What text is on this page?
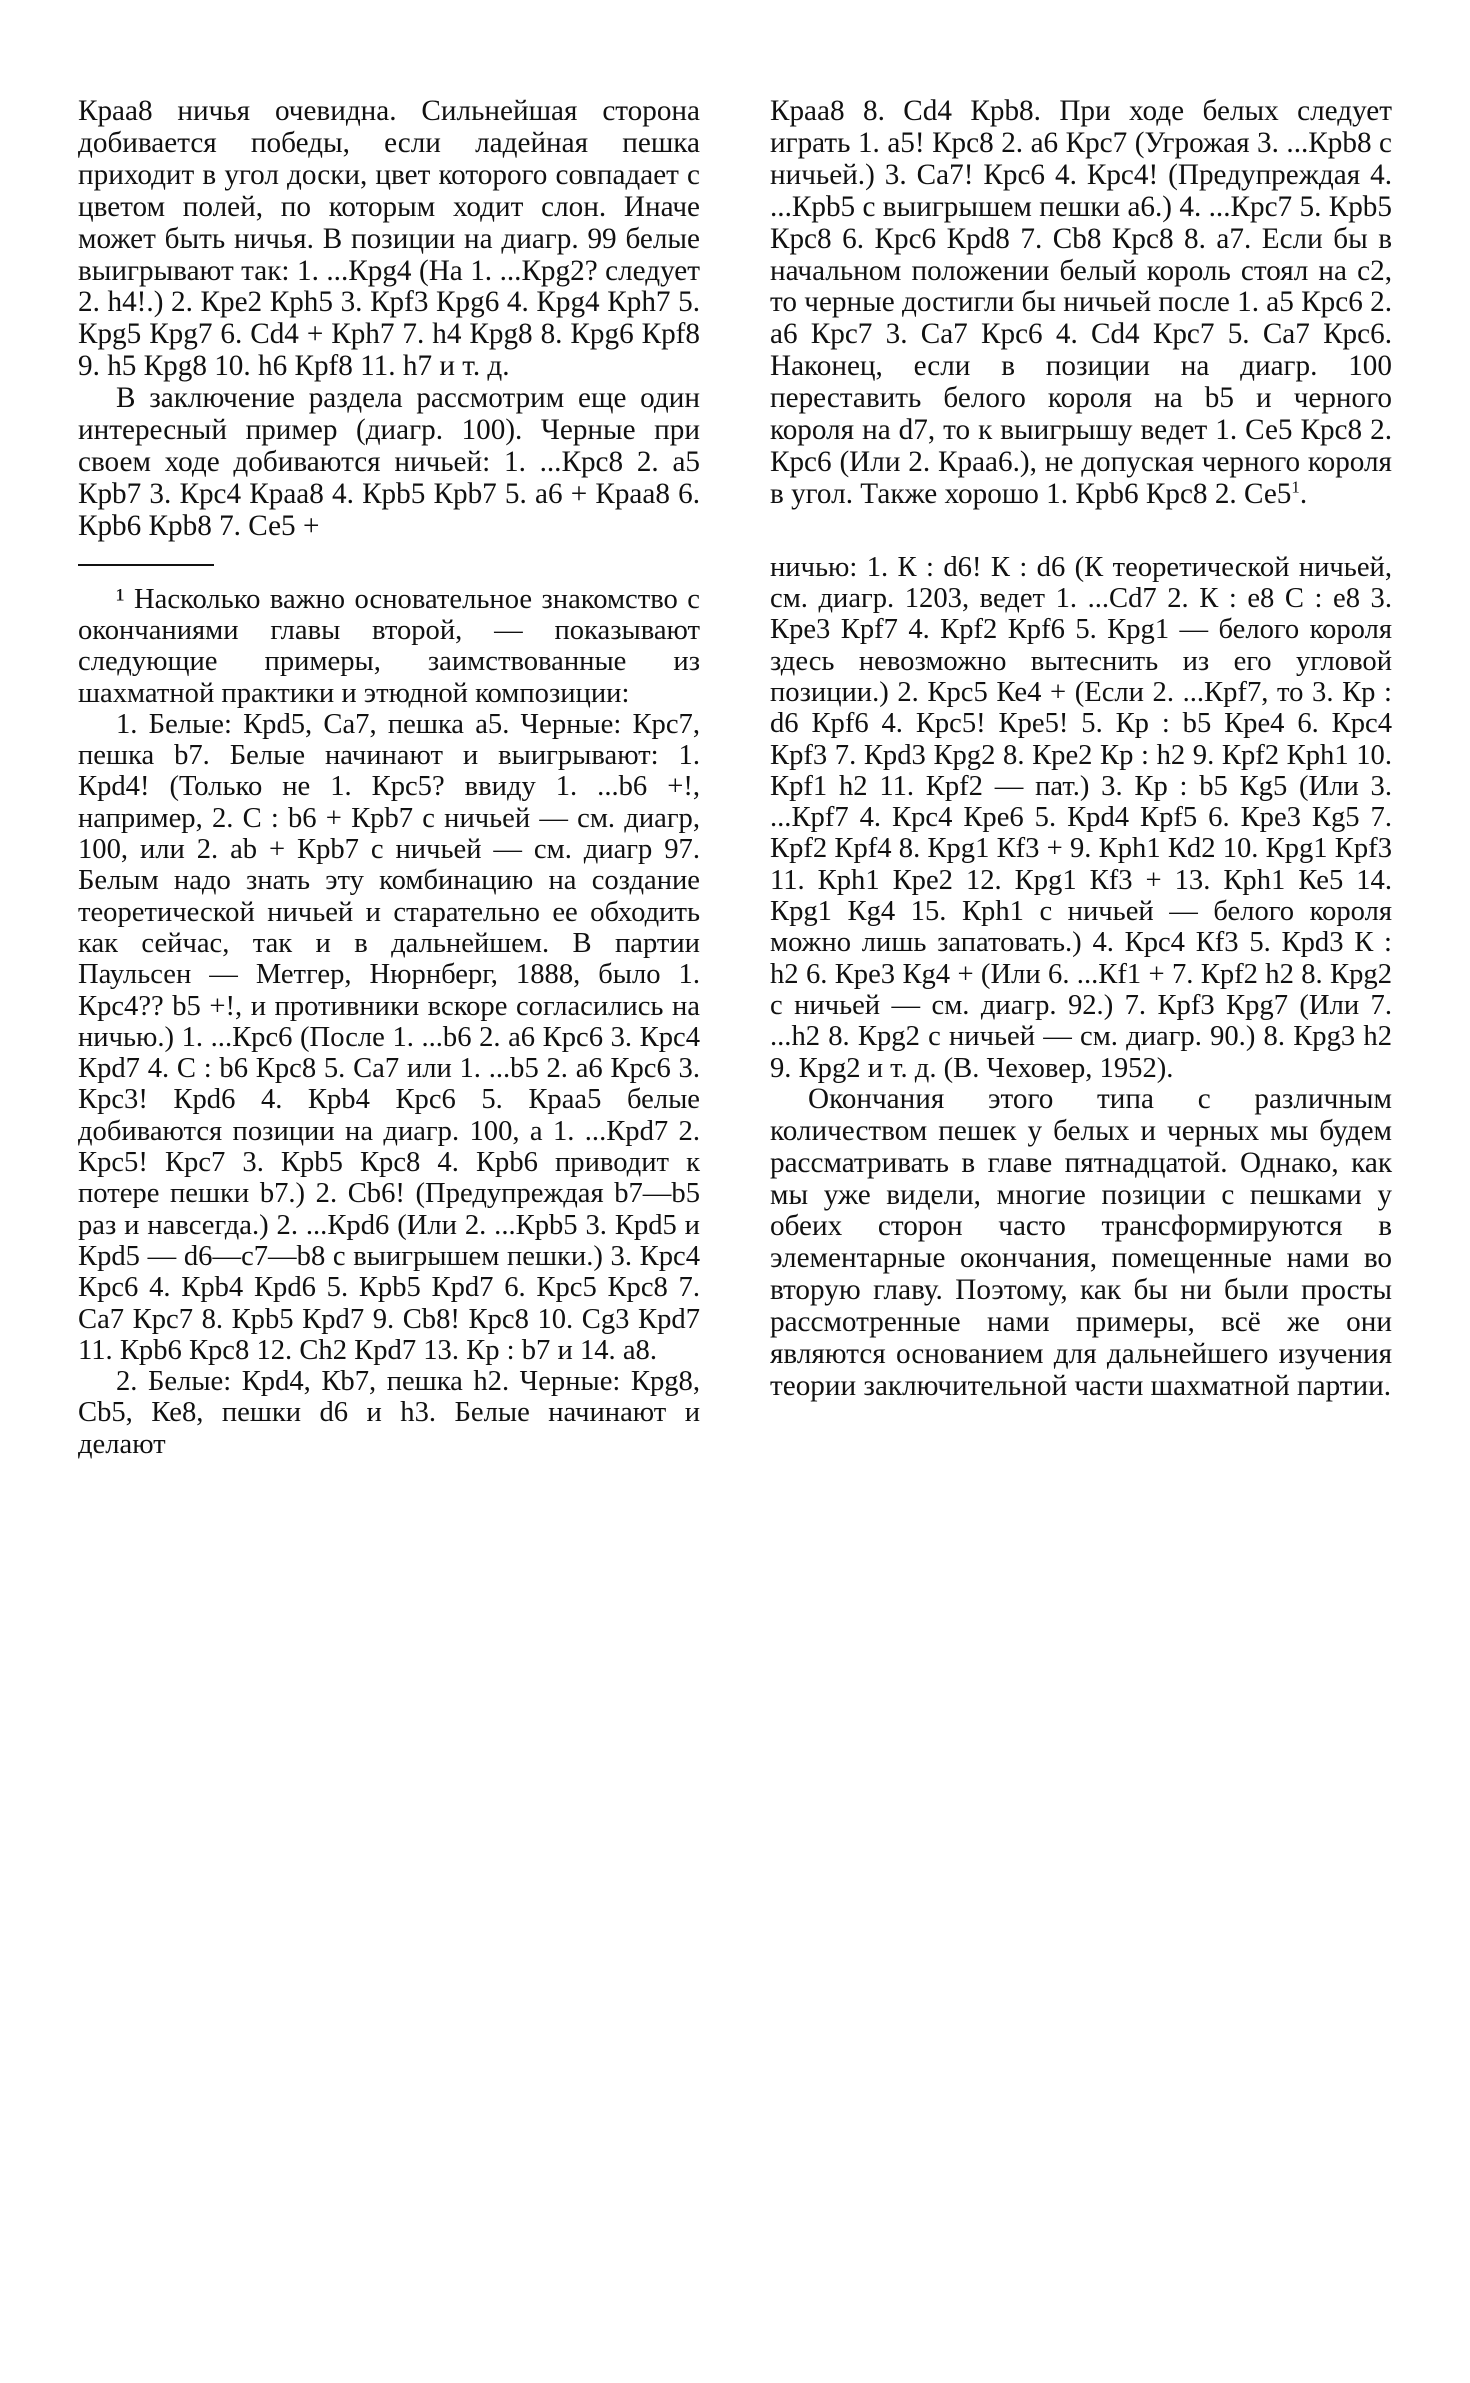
Краа8 ничья очевидна. Сильнейшая сторона добивается победы, если ладейная пешка приходит в угол доски, цвет которого совпадает с цветом полей, по которым ходит слон. Иначе может быть ничья. В позиции на диагр. 99 белые выигрывают так: 1. ...Крg4 (На 1. ...Крg2? следует 2. h4!.) 2. Кре2 Крh5 3. Крf3 Крg6 4. Крg4 Крh7 5. Крg5 Крg7 6. Cd4 + Крh7 7. h4 Крg8 8. Крg6 Крf8 9. h5 Крg8 10. h6 Крf8 11. h7 и т. д.

В заключение раздела рассмотрим еще один интересный пример (диагр. 100). Черные при своем ходе добиваются ничьей: 1. ...Крс8 2. а5 Крb7 3. Крс4 Краа8 4. Крb5 Крb7 5. а6 + Краа8 6. Крb6 Крb8 7. Се5 +

¹ Насколько важно основательное знакомство с окончаниями главы второй, — показывают следующие примеры, заимствованные из шахматной практики и этюдной композиции:

1. Белые: Крd5, Са7, пешка а5. Черные: Крс7, пешка b7. Белые начинают и выигрывают: 1. Крd4! (Только не 1. Крс5? ввиду 1. ...b6 +!, например, 2. С : b6 + Крb7 с ничьей — см. диагр, 100, или 2. аb + Крb7 с ничьей — см. диагр 97. Белым надо знать эту комбинацию на создание теоретической ничьей и старательно ее обходить как сейчас, так и в дальнейшем. В партии Паульсен — Метгер, Нюрнберг, 1888, было 1. Крс4?? b5 +!, и противники вскоре согласились на ничью.) 1. ...Крс6 (После 1. ...b6 2. а6 Крс6 3. Крс4 Крd7 4. С : b6 Крс8 5. Са7 или 1. ...b5 2. а6 Крс6 3. Крс3! Крd6 4. Крb4 Крс6 5. Краа5 белые добиваются позиции на диагр. 100, а 1. ...Крd7 2. Крс5! Крс7 3. Крb5 Крс8 4. Крb6 приводит к потере пешки b7.) 2. Сb6! (Предупреждая b7—b5 раз и навсегда.) 2. ...Крd6 (Или 2. ...Крb5 3. Крd5 и Крd5 — d6—c7—b8 с выигрышем пешки.) 3. Крс4 Крс6 4. Крb4 Крd6 5. Крb5 Крd7 6. Крс5 Крс8 7. Са7 Крс7 8. Крb5 Крd7 9. Сb8! Крс8 10. Сg3 Крd7 11. Крb6 Крс8 12. Сh2 Крd7 13. Кр : b7 и 14. а8.

2. Белые: Крd4, Кb7, пешка h2. Черные: Крg8, Сb5, Ке8, пешки d6 и h3. Белые начинают и делают

Краа8 8. Сd4 Крb8. При ходе белых следует играть 1. а5! Крс8 2. а6 Крс7 (Угрожая 3. ...Крb8 с ничьей.) 3. Са7! Крс6 4. Крс4! (Предупреждая 4. ...Крb5 с выигрышем пешки а6.) 4. ...Крс7 5. Крb5 Крс8 6. Крс6 Крd8 7. Сb8 Крс8 8. а7. Если бы в начальном положении белый король стоял на с2, то черные достигли бы ничьей после 1. а5 Крс6 2. а6 Крс7 3. Са7 Крс6 4. Сd4 Крс7 5. Са7 Крс6. Наконец, если в позиции на диагр. 100 переставить белого короля на b5 и черного короля на d7, то к выигрышу ведет 1. Се5 Крс8 2. Крс6 (Или 2. Краа6.), не допуская черного короля в угол. Также хорошо 1. Крb6 Крс8 2. $Се5^1$.

ничью: 1. К : d6! К : d6 (К теоретической ничьей, см. диагр. 1203, ведет 1. ...Сd7 2. К : е8 С : е8 3. Кре3 Крf7 4. Крf2 Крf6 5. Крg1 — белого короля здесь невозможно вытеснить из его угловой позиции.) 2. Крс5 Ке4 + (Если 2. ...Крf7, то 3. Кр : d6 Крf6 4. Крс5! Кре5! 5. Кр : b5 Кре4 6. Крс4 Крf3 7. Крd3 Крg2 8. Кре2 Кр : h2 9. Крf2 Крh1 10. Крf1 h2 11. Крf2 — пат.) 3. Кр : b5 Кg5 (Или 3. ...Крf7 4. Крс4 Кре6 5. Крd4 Крf5 6. Кре3 Кg5 7. Крf2 Крf4 8. Крg1 Кf3 + 9. Крh1 Кd2 10. Крg1 Крf3 11. Крh1 Кре2 12. Крg1 Кf3 + 13. Крh1 Ке5 14. Крg1 Кg4 15. Крh1 с ничьей — белого короля можно лишь запатовать.) 4. Крс4 Кf3 5. Крd3 К : h2 6. Кре3 Кg4 + (Или 6. ...Кf1 + 7. Крf2 h2 8. Крg2 с ничьей — см. диагр. 92.) 7. Крf3 Крg7 (Или 7. ...h2 8. Крg2 с ничьей — см. диагр. 90.) 8. Крg3 h2 9. Крg2 и т. д. (В. Чеховер, 1952).

Окончания этого типа с различным количеством пешек у белых и черных мы будем рассматривать в главе пятнадцатой. Однако, как мы уже видели, многие позиции с пешками у обеих сторон часто трансформируются в элементарные окончания, помещенные нами во вторую главу. Поэтому, как бы ни были просты рассмотренные нами примеры, всё же они являются основанием для дальнейшего изучения теории заключительной части шахматной партии.
